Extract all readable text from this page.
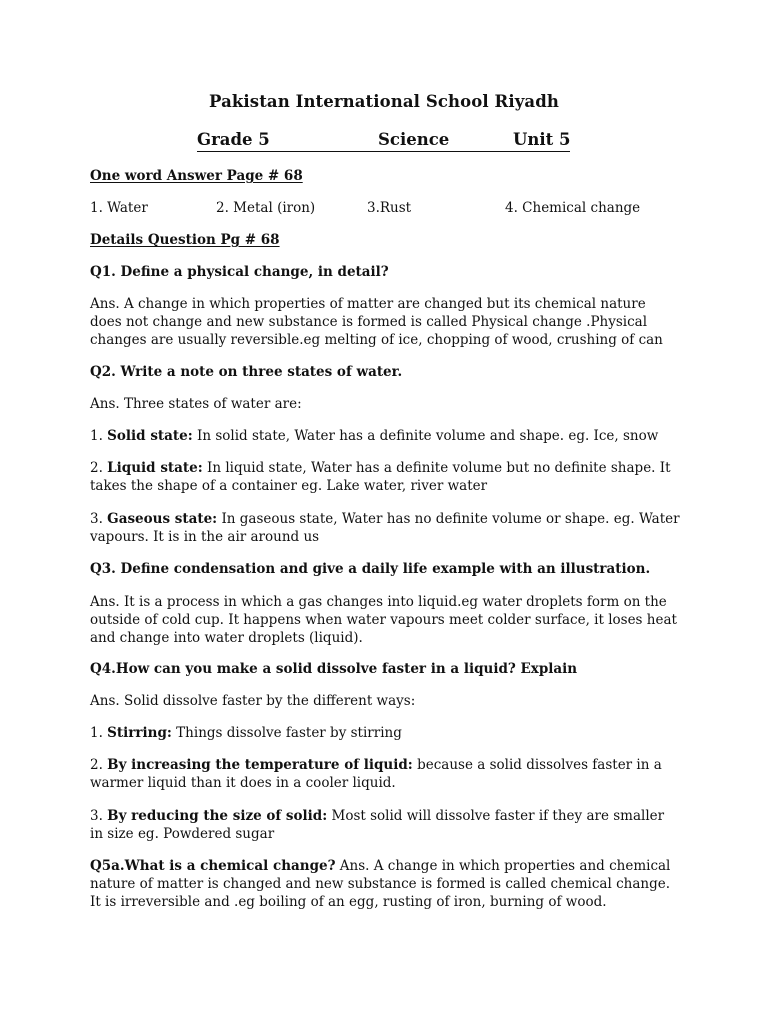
Pakistan International School Riyadh
Grade 5	Science	Unit 5
One word Answer Page # 68
1. Water	2. Metal (iron)	3.Rust	4. Chemical change
Details Question Pg # 68
Q1. Define a physical change, in detail?
Ans. A change in which properties of matter are changed but its chemical nature does not change and new substance is formed is called Physical change .Physical changes are usually reversible.eg melting of ice, chopping of wood, crushing of can
Q2. Write a note on three states of water.
Ans. Three states of water are:
1. Solid state: In solid state, Water has a definite volume and shape. eg. Ice, snow
2. Liquid state: In liquid state, Water has a definite volume but no definite shape. It takes the shape of a container eg. Lake water, river water
3. Gaseous state: In gaseous state, Water has no definite volume or shape. eg. Water vapours. It is in the air around us
Q3. Define condensation and give a daily life example with an illustration.
Ans. It is a process in which a gas changes into liquid.eg water droplets form on the outside of cold cup. It happens when water vapours meet colder surface, it loses heat and change into water droplets (liquid).
Q4.How can you make a solid dissolve faster in a liquid? Explain
Ans. Solid dissolve faster by the different ways:
1. Stirring: Things dissolve faster by stirring
2. By increasing the temperature of liquid: because a solid dissolves faster in a warmer liquid than it does in a cooler liquid.
3. By reducing the size of solid: Most solid will dissolve faster if they are smaller in size eg. Powdered sugar
Q5a.What is a chemical change? Ans. A change in which properties and chemical nature of matter is changed and new substance is formed is called chemical change. It is irreversible and .eg boiling of an egg, rusting of iron, burning of wood.
